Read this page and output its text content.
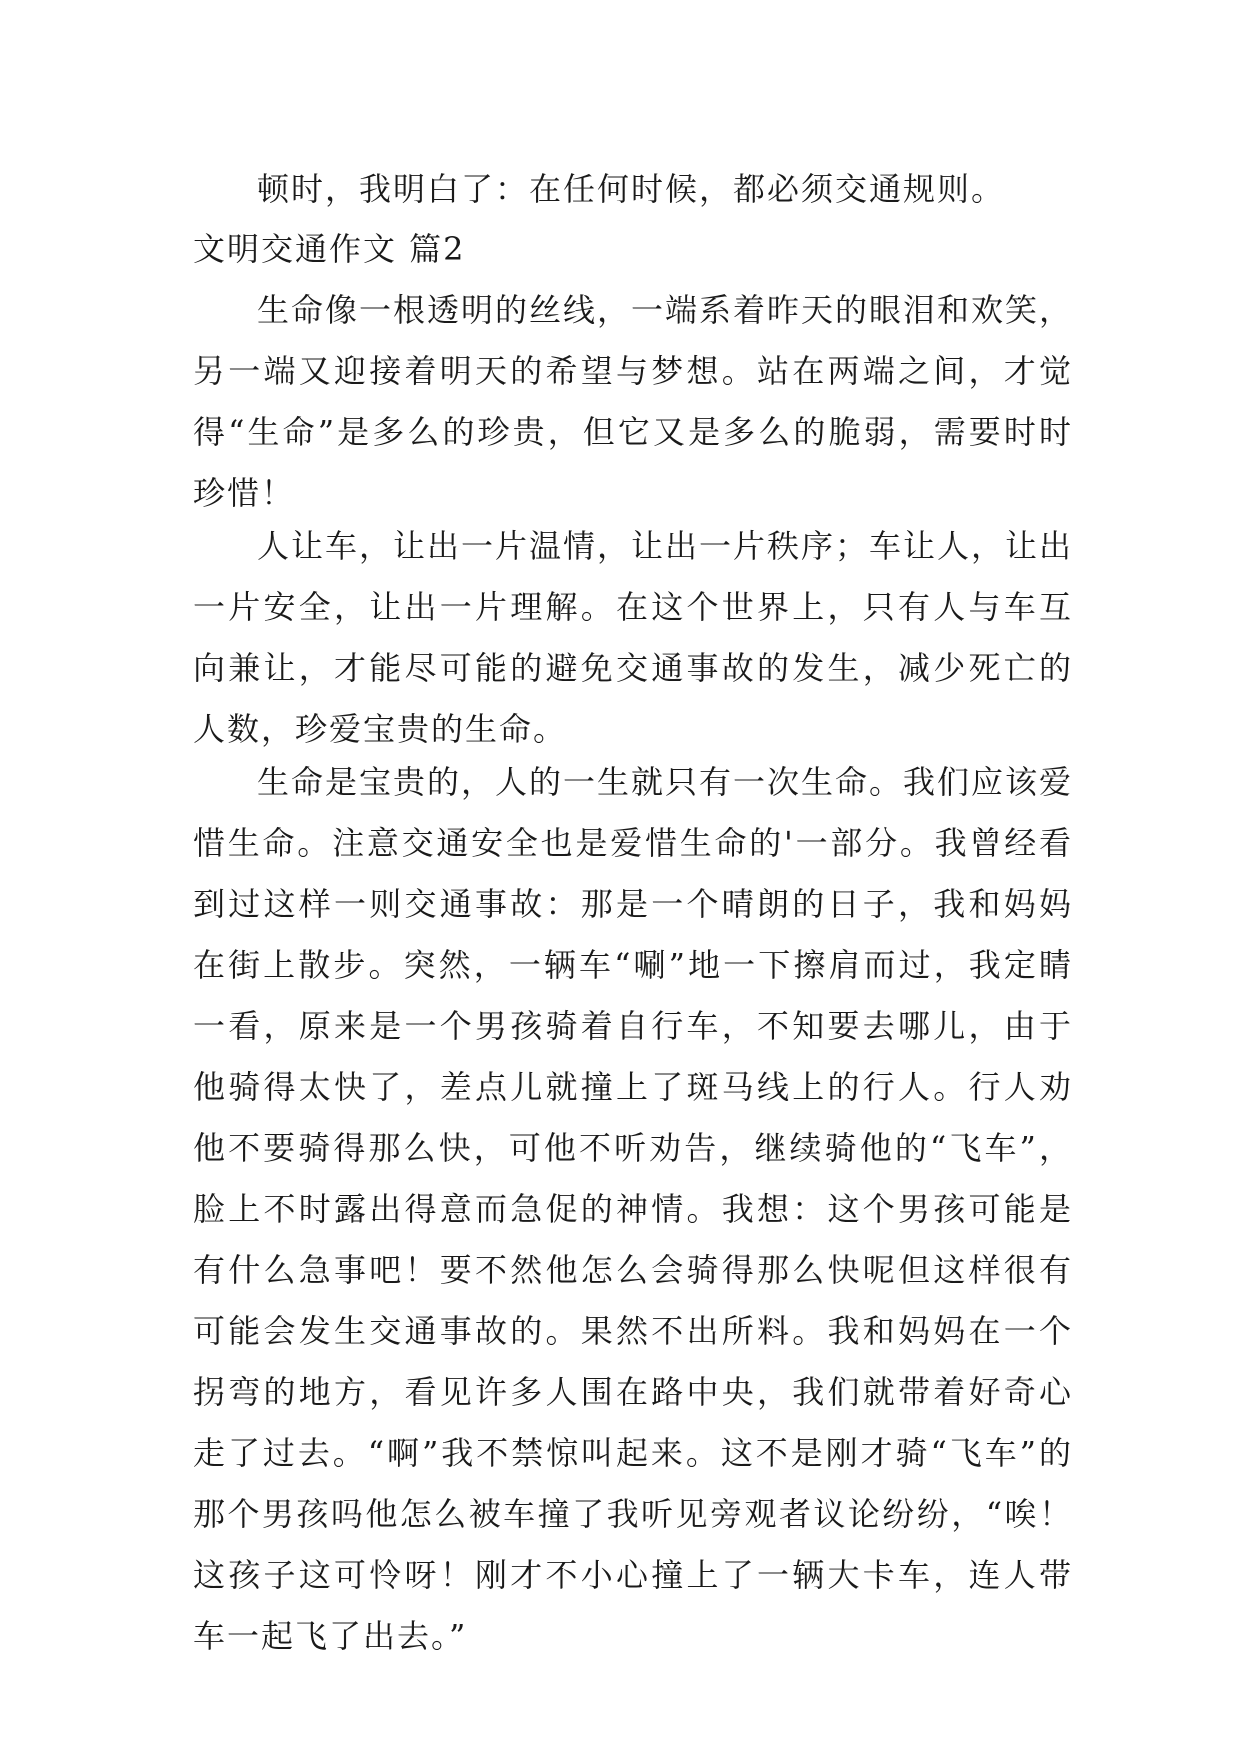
顿时，我明白了：在任何时候，都必须交通规则。

文明交通作文 篇2

生命像一根透明的丝线，一端系着昨天的眼泪和欢笑，另一端又迎接着明天的希望与梦想。站在两端之间，才觉得“生命”是多么的珍贵，但它又是多么的脆弱，需要时时珍惜！

人让车，让出一片温情，让出一片秩序；车让人，让出一片安全，让出一片理解。在这个世界上，只有人与车互向兼让，才能尽可能的避免交通事故的发生，减少死亡的人数，珍爱宝贵的生命。

生命是宝贵的，人的一生就只有一次生命。我们应该爱惜生命。注意交通安全也是爱惜生命的'一部分。我曾经看到过这样一则交通事故：那是一个晴朗的日子，我和妈妈在街上散步。突然，一辆车“唰”地一下擦肩而过，我定睛一看，原来是一个男孩骑着自行车，不知要去哪儿，由于他骑得太快了，差点儿就撞上了斑马线上的行人。行人劝他不要骑得那么快，可他不听劝告，继续骑他的“飞车”，脸上不时露出得意而急促的神情。我想：这个男孩可能是有什么急事吧！要不然他怎么会骑得那么快呢但这样很有可能会发生交通事故的。果然不出所料。我和妈妈在一个拐弯的地方，看见许多人围在路中央，我们就带着好奇心走了过去。“啊”我不禁惊叫起来。这不是刚才骑“飞车”的那个男孩吗他怎么被车撞了我听见旁观者议论纷纷，“唉！这孩子这可怜呀！刚才不小心撞上了一辆大卡车，连人带车一起飞了出去。”
